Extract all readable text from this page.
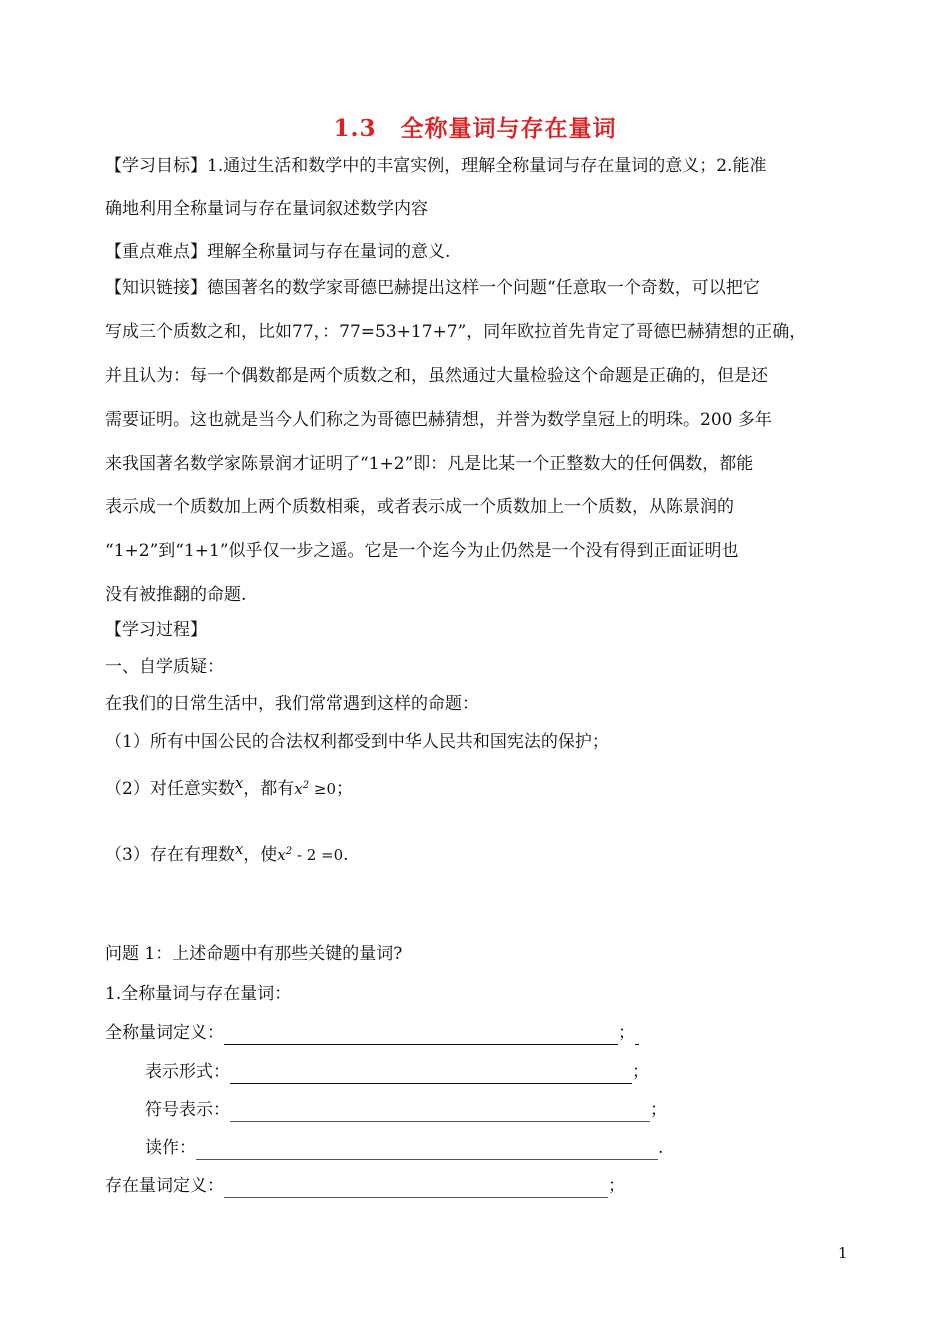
1.3　全称量词与存在量词
【学习目标】1.通过生活和数学中的丰富实例，理解全称量词与存在量词的意义；2.能准
确地利用全称量词与存在量词叙述数学内容
【重点难点】理解全称量词与存在量词的意义.
【知识链接】德国著名的数学家哥德巴赫提出这样一个问题“任意取一个奇数，可以把它
写成三个质数之和，比如77，：77=53+17+7”，同年欧拉首先肯定了哥德巴赫猜想的正确，
并且认为：每一个偶数都是两个质数之和，虽然通过大量检验这个命题是正确的，但是还
需要证明。这也就是当今人们称之为哥德巴赫猜想，并誉为数学皇冠上的明珠。200 多年
来我国著名数学家陈景润才证明了“1+2”即：凡是比某一个正整数大的任何偶数，都能
表示成一个质数加上两个质数相乘，或者表示成一个质数加上一个质数，从陈景润的
“1+2”到“1+1”似乎仅一步之遥。它是一个迄今为止仍然是一个没有得到正面证明也
没有被推翻的命题.
【学习过程】
一、自学质疑：
在我们的日常生活中，我们常常遇到这样的命题：
（1）所有中国公民的合法权利都受到中华人民共和国宪法的保护；
（2）对任意实数x，都有$x^2 \ge 0$；
（3）存在有理数x，使$x^2 - 2 =0$.
问题 1：上述命题中有那些关键的量词?
1.全称量词与存在量词：
全称量词定义：	；
表示形式：	；
符号表示：	；
读作：	.
存在量词定义：	；
1
